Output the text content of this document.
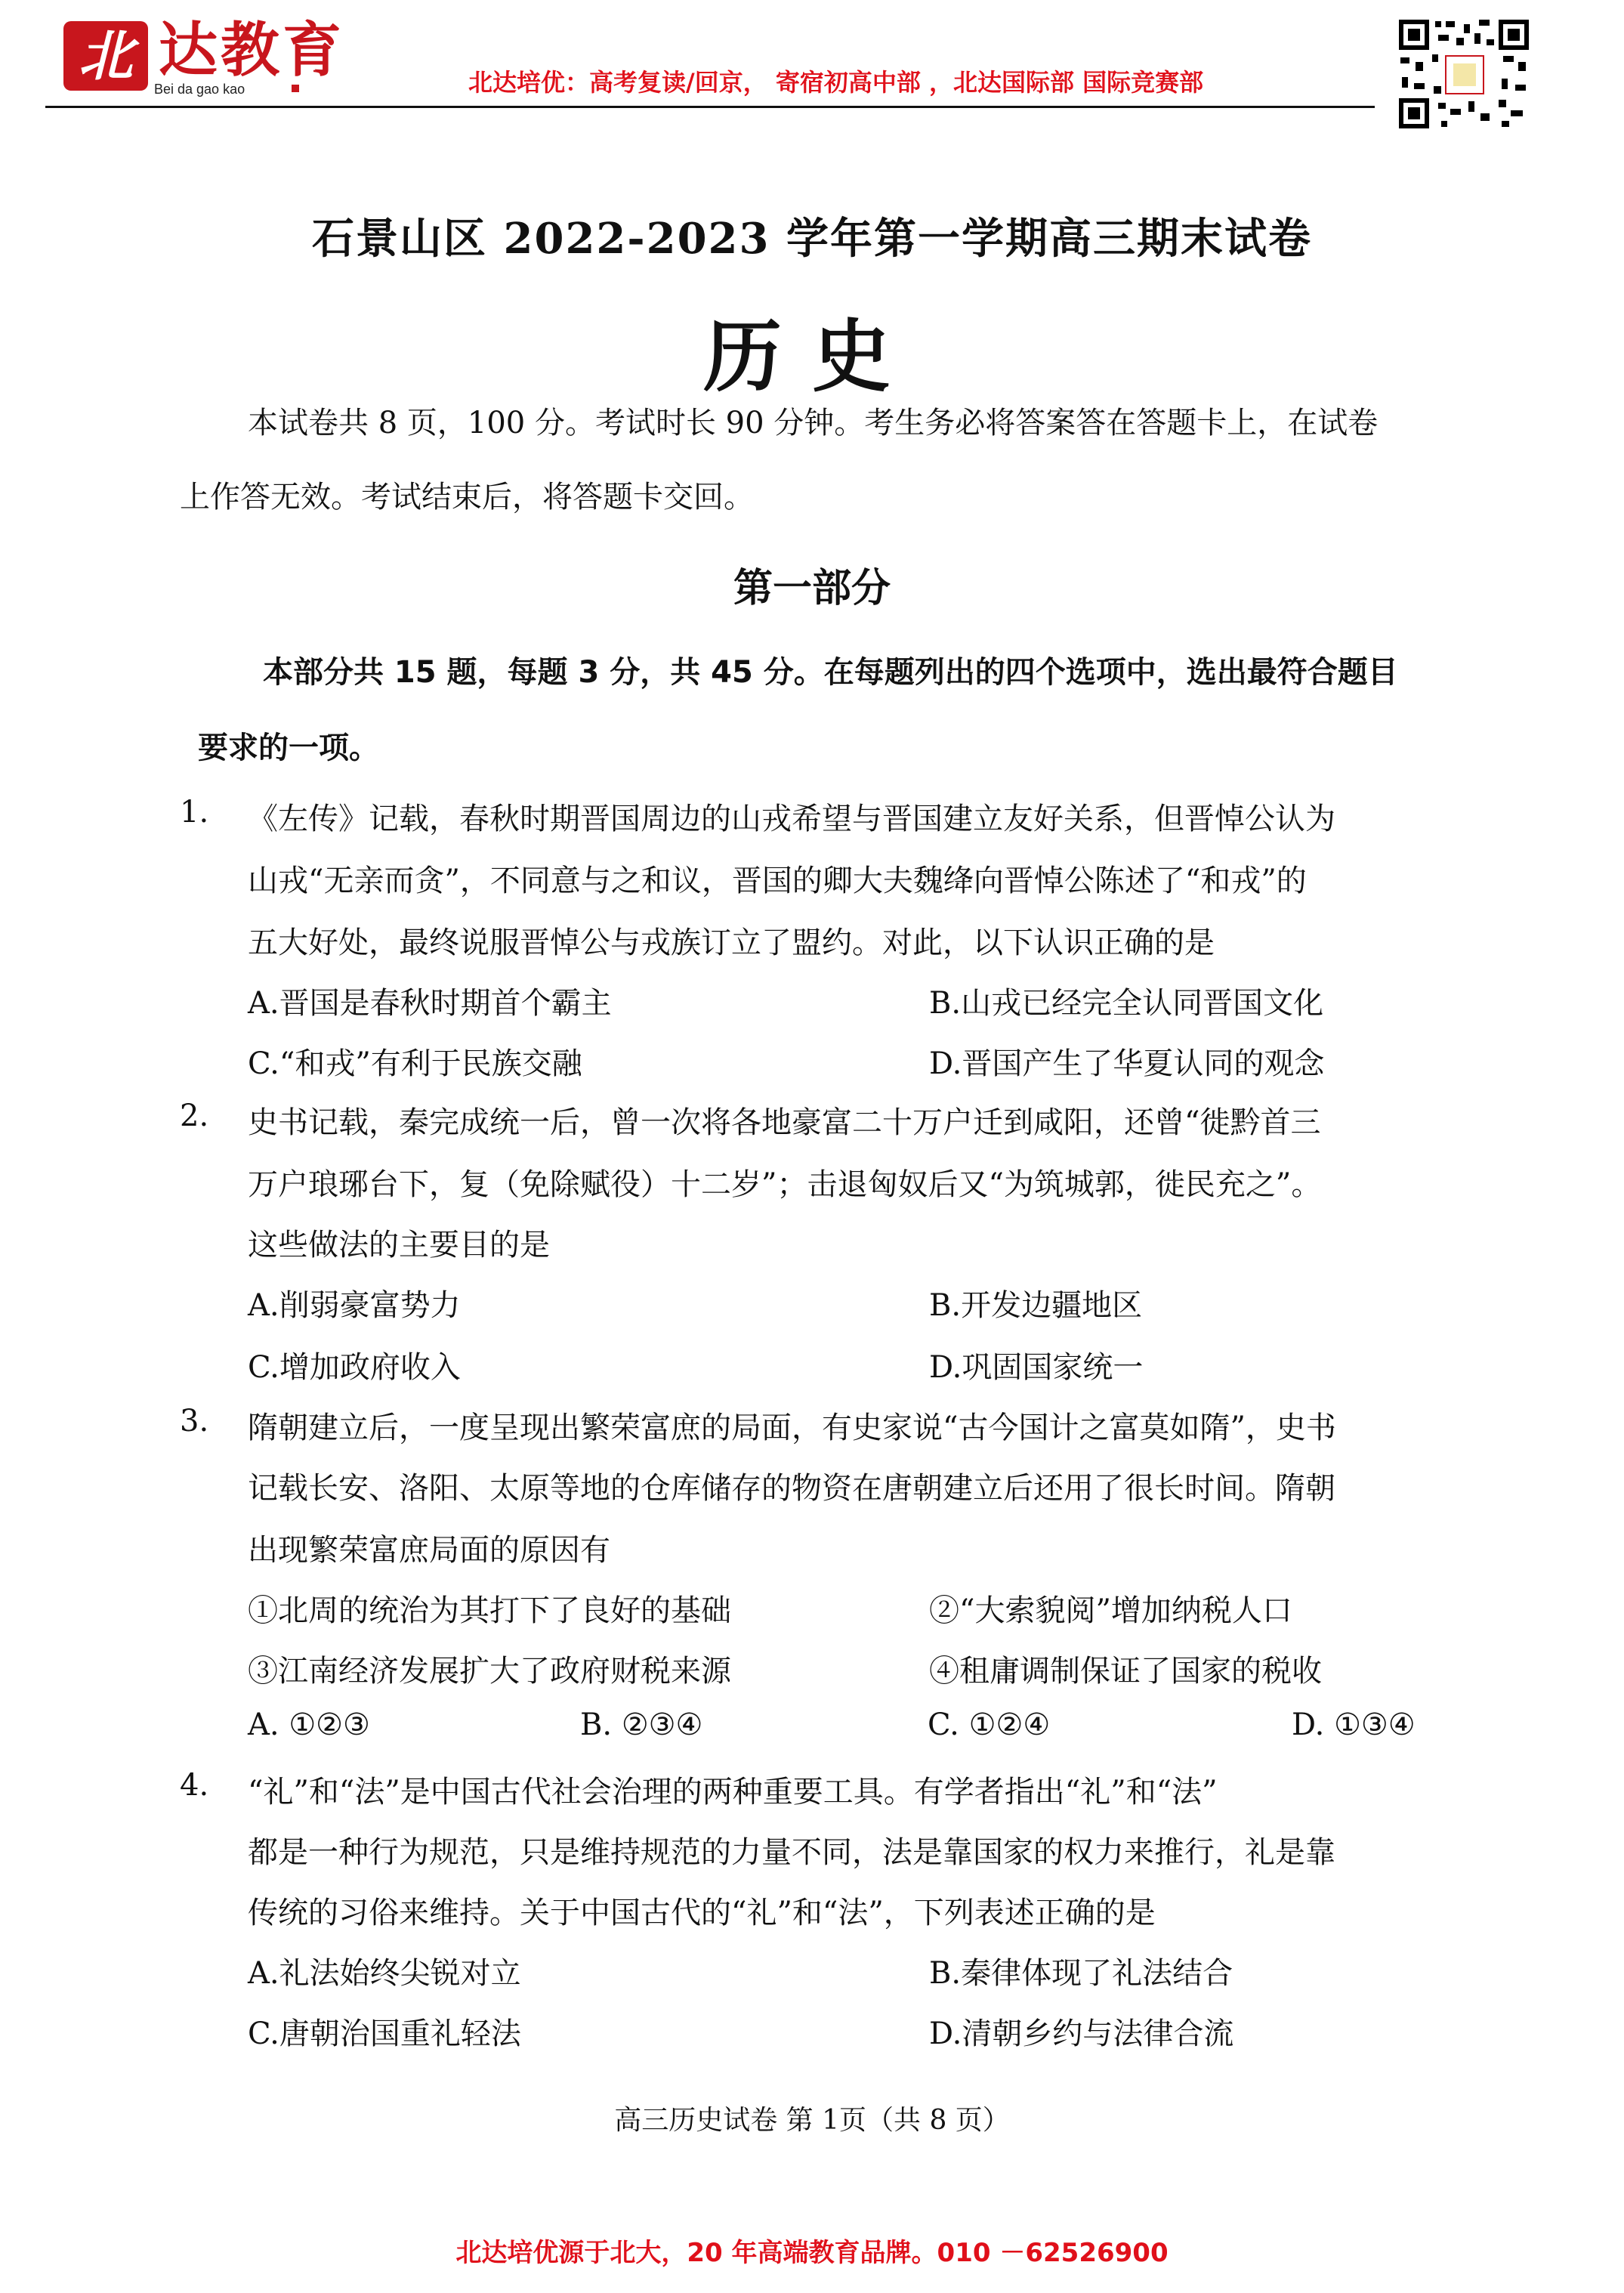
北 达教育
Bei da gao kao	北达培优：高考复读/回京， 寄宿初高中部 ，北达国际部 国际竞赛部
石景山区 2022-2023 学年第一学期高三期末试卷
历史
本试卷共 8 页，100 分。考试时长 90 分钟。考生务必将答案答在答题卡上，在试卷
上作答无效。考试结束后，将答题卡交回。
第一部分
本部分共 15 题，每题 3 分，共 45 分。在每题列出的四个选项中，选出最符合题目
要求的一项。
1. 《左传》记载，春秋时期晋国周边的山戎希望与晋国建立友好关系，但晋悼公认为
山戎“无亲而贪”，不同意与之和议，晋国的卿大夫魏绛向晋悼公陈述了“和戎”的
五大好处，最终说服晋悼公与戎族订立了盟约。对此，以下认识正确的是
A.晋国是春秋时期首个霸主	B.山戎已经完全认同晋国文化
C.“和戎”有利于民族交融	D.晋国产生了华夏认同的观念
2. 史书记载，秦完成统一后，曾一次将各地豪富二十万户迁到咸阳，还曾“徙黔首三
万户琅琊台下，复（免除赋役）十二岁”；击退匈奴后又“为筑城郭，徙民充之”。
这些做法的主要目的是
A.削弱豪富势力	B.开发边疆地区
C.增加政府收入	D.巩固国家统一
3. 隋朝建立后，一度呈现出繁荣富庶的局面，有史家说“古今国计之富莫如隋”，史书
记载长安、洛阳、太原等地的仓库储存的物资在唐朝建立后还用了很长时间。隋朝
出现繁荣富庶局面的原因有
①北周的统治为其打下了良好的基础	②“大索貌阅”增加纳税人口
③江南经济发展扩大了政府财税来源	④租庸调制保证了国家的税收
A. ①②③	B. ②③④	C. ①②④	D. ①③④
4. “礼”和“法”是中国古代社会治理的两种重要工具。有学者指出“礼”和“法”
都是一种行为规范，只是维持规范的力量不同，法是靠国家的权力来推行，礼是靠
传统的习俗来维持。关于中国古代的“礼”和“法”，下列表述正确的是
A.礼法始终尖锐对立	B.秦律体现了礼法结合
C.唐朝治国重礼轻法	D.清朝乡约与法律合流
高三历史试卷 第 1页（共 8 页）
北达培优源于北大，20 年高端教育品牌。010 －62526900
